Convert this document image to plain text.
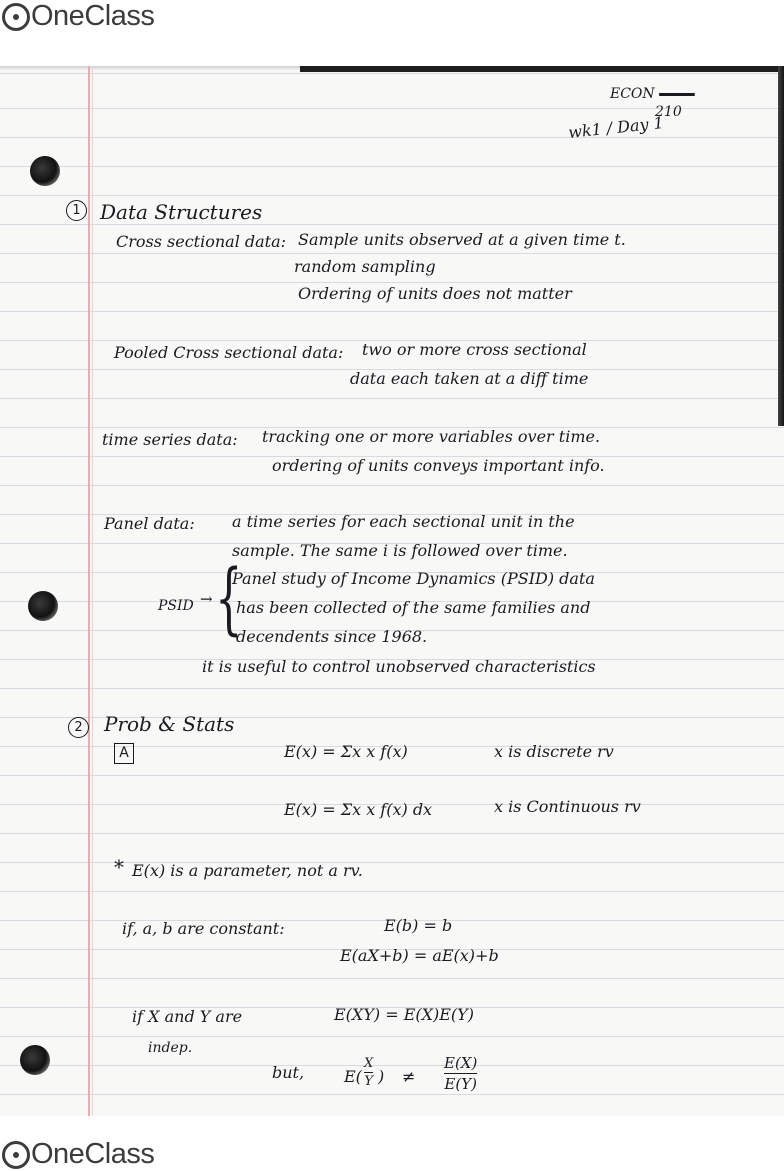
OneClass
ECON
210
wk1 / Day 1
1 Data Structures
Cross sectional data: Sample units observed at a given time t.
random sampling
Ordering of units does not matter
Pooled Cross sectional data: two or more cross sectional
data each taken at a diff time
time series data: tracking one or more variables over time.
ordering of units conveys important info.
Panel data: a time series for each sectional unit in the
sample. The same i is followed over time.
PSID → {
Panel study of Income Dynamics (PSID) data
has been collected of the same families and
decendents since 1968.
it is useful to control unobserved characteristics
2	Prob & Stats
A	E(x) = Σx x f(x)	x is discrete rv
E(x) = Σx x f(x) dx	x is Continuous rv
* E(x) is a parameter, not a rv.
if, a, b are constant:	E(b) = b
E(aX+b) = aE(x)+b
if X and Y are
indep.
E(XY) = E(X)E(Y)
but, E(
X
Y ) ≠
E(X)
E(Y)
OneClass
